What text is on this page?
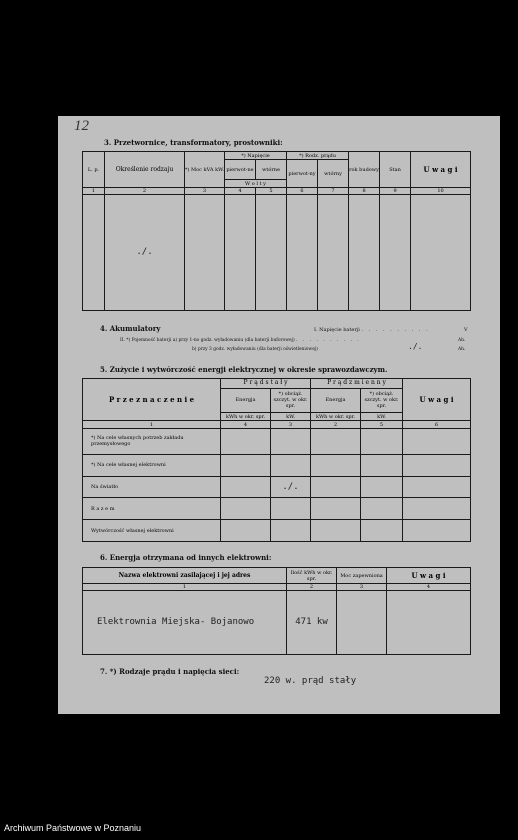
12
3. Przetwornice, transformatory, prostowniki:
L. p.	Określenie rodzaju	*) Moc kVA kW.	*) Napięcie		*) Rodz. prądu		rok budowy	Stan	U w a g i
			pierwot-ne	wtórne	pierwot-ny	wtórny			
			W o l t y						
1	2	3	4	5	6	7	8	9	10
	./.								
4. Akumulatory	I. Napięcie baterji . . . . . . . . . .	V
II. *) Pojemność baterji a) przy 1-no godz. wyładowaniu (dla baterji buforowej) . . . . . . . . . .	Ah.
b) przy 3 godz. wyładowaniu (dla baterji oświetleniowej)	./.	Ah.
5. Zużycie i wytwórczość energji elektrycznej w okresie sprawozdawczym.
P r z e z n a c z e n i e	P r ą d s t a ł y		P r ą d z m i e n n y		U w a g i
	Energja	*) obciąż. szczyt. w okr. spr.	Energja	*) obciąż. szczyt. w okr. spr.	
	kWh w okr. spr.	kW.	kWh w okr. spr.	kW.	
1	4	3	2	5	6
*) Na cele własnych potrzeb zakładu przemysłowego					
*) Na cele własnej elektrowni					
Na światło		./.			
R a z e m					
Wytwórczość własnej elektrowni					
6. Energja otrzymana od innych elektrowni:
Nazwa elektrowni zasilającej i jej adres	Ilość kWh w okr. spr.	Moc zapewniona	U w a g i
1	2	3	4
Elektrownia Miejska- Bojanowo	471 kw		
7. *) Rodzaje prądu i napięcia sieci:
220 w. prąd stały
Archiwum Państwowe w Poznaniu
